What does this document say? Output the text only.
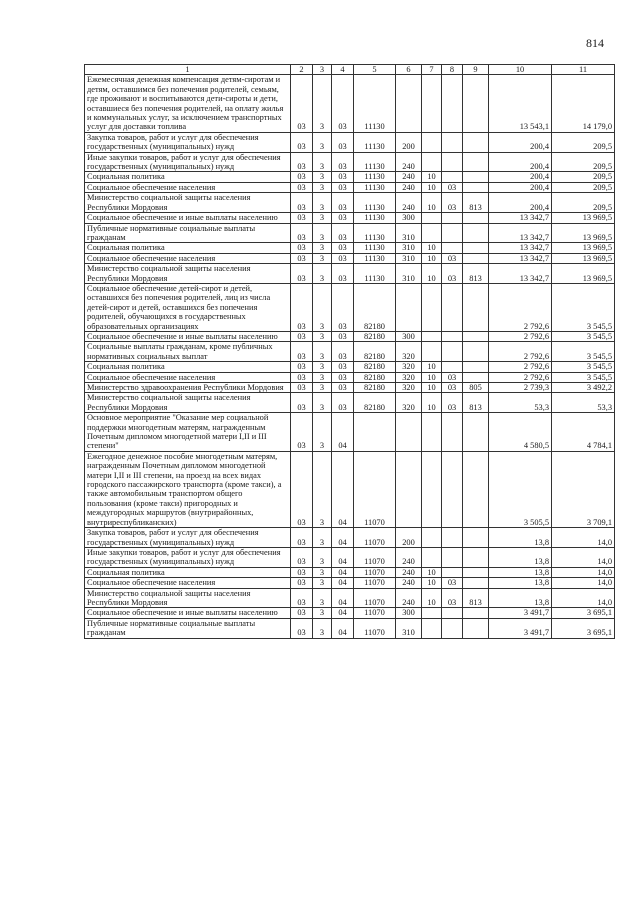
814
1	2	3	4	5	6	7	8	9	10	11
Ежемесячная денежная компенсация детям-сиротам и детям, оставшимся без попечения родителей, семьям, где проживают и воспитываются дети-сироты и дети, оставшиеся без попечения родителей, на оплату жилья и коммунальных услуг, за исключением транспортных услуг для доставки топлива	03	3	03	11130					13 543,1	14 179,0
Закупка товаров, работ и услуг для обеспечения государственных (муниципальных) нужд	03	3	03	11130	200				200,4	209,5
Иные закупки товаров, работ и услуг для обеспечения государственных (муниципальных) нужд	03	3	03	11130	240				200,4	209,5
Социальная политика	03	3	03	11130	240	10			200,4	209,5
Социальное обеспечение населения	03	3	03	11130	240	10	03		200,4	209,5
Министерство социальной защиты населения Республики Мордовия	03	3	03	11130	240	10	03	813	200,4	209,5
Социальное обеспечение и иные выплаты населению	03	3	03	11130	300				13 342,7	13 969,5
Публичные нормативные социальные выплаты гражданам	03	3	03	11130	310				13 342,7	13 969,5
Социальная политика	03	3	03	11130	310	10			13 342,7	13 969,5
Социальное обеспечение населения	03	3	03	11130	310	10	03		13 342,7	13 969,5
Министерство социальной защиты населения Республики Мордовия	03	3	03	11130	310	10	03	813	13 342,7	13 969,5
Социальное обеспечение детей-сирот и детей, оставшихся без попечения родителей, лиц из числа детей-сирот и детей, оставшихся без попечения родителей, обучающихся в государственных образовательных организациях	03	3	03	82180					2 792,6	3 545,5
Социальное обеспечение и иные выплаты населению	03	3	03	82180	300				2 792,6	3 545,5
Социальные выплаты гражданам, кроме публичных нормативных социальных выплат	03	3	03	82180	320				2 792,6	3 545,5
Социальная политика	03	3	03	82180	320	10			2 792,6	3 545,5
Социальное обеспечение населения	03	3	03	82180	320	10	03		2 792,6	3 545,5
Министерство здравоохранения Республики Мордовия	03	3	03	82180	320	10	03	805	2 739,3	3 492,2
Министерство социальной защиты населения Республики Мордовия	03	3	03	82180	320	10	03	813	53,3	53,3
Основное мероприятие "Оказание мер социальной поддержки многодетным матерям, награжденным Почетным дипломом многодетной матери I,II и III степени"	03	3	04						4 580,5	4 784,1
Ежегодное денежное пособие многодетным матерям, награжденным Почетным дипломом многодетной матери I,II и III степени, на проезд на всех видах городского пассажирского транспорта (кроме такси), а также автомобильным транспортом общего пользования (кроме такси) пригородных и междугородных маршрутов (внутрирайонных, внутриреспубликанских)	03	3	04	11070					3 505,5	3 709,1
Закупка товаров, работ и услуг для обеспечения государственных (муниципальных) нужд	03	3	04	11070	200				13,8	14,0
Иные закупки товаров, работ и услуг для обеспечения государственных (муниципальных) нужд	03	3	04	11070	240				13,8	14,0
Социальная политика	03	3	04	11070	240	10			13,8	14,0
Социальное обеспечение населения	03	3	04	11070	240	10	03		13,8	14,0
Министерство социальной защиты населения Республики Мордовия	03	3	04	11070	240	10	03	813	13,8	14,0
Социальное обеспечение и иные выплаты населению	03	3	04	11070	300				3 491,7	3 695,1
Публичные нормативные социальные выплаты гражданам	03	3	04	11070	310				3 491,7	3 695,1
